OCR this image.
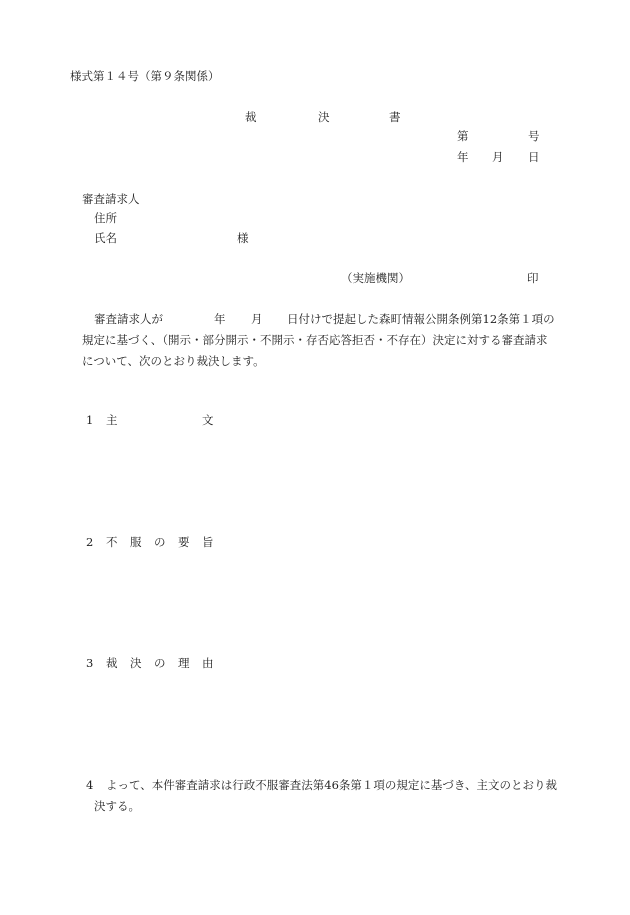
様式第１４号（第９条関係）
裁	決	書
第	号
年 月 日
審査請求人
住所
氏名	様
（実施機関）	印
審査請求人が	年 月 日付けで提起した森町情報公開条例第12条第１項の
規定に基づく、（開示・部分開示・不開示・存否応答拒否・不存在）決定に対する審査請求
について、次のとおり裁決します。
1 主	文
2 不 服 の 要 旨
3 裁 決 の 理 由
4 よって、本件審査請求は行政不服審査法第46条第１項の規定に基づき、主文のとおり裁
決する。
